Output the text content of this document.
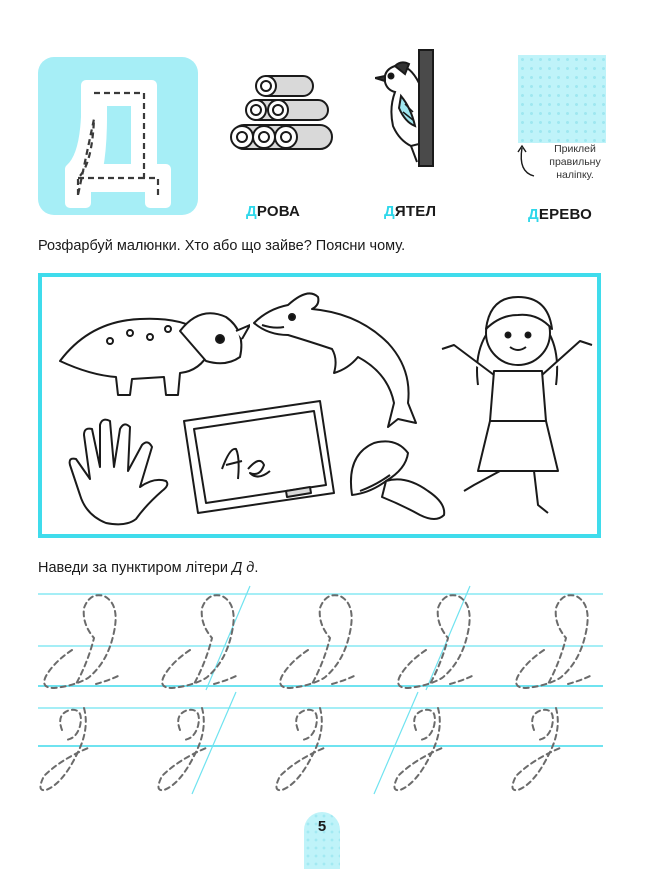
Приклей правильну наліпку.
ДРОВА	ДЯТЕЛ	ДЕРЕВО
Розфарбуй малюнки. Хто або що зайве? Поясни чому.
Наведи за пунктиром літери Д д.
5
